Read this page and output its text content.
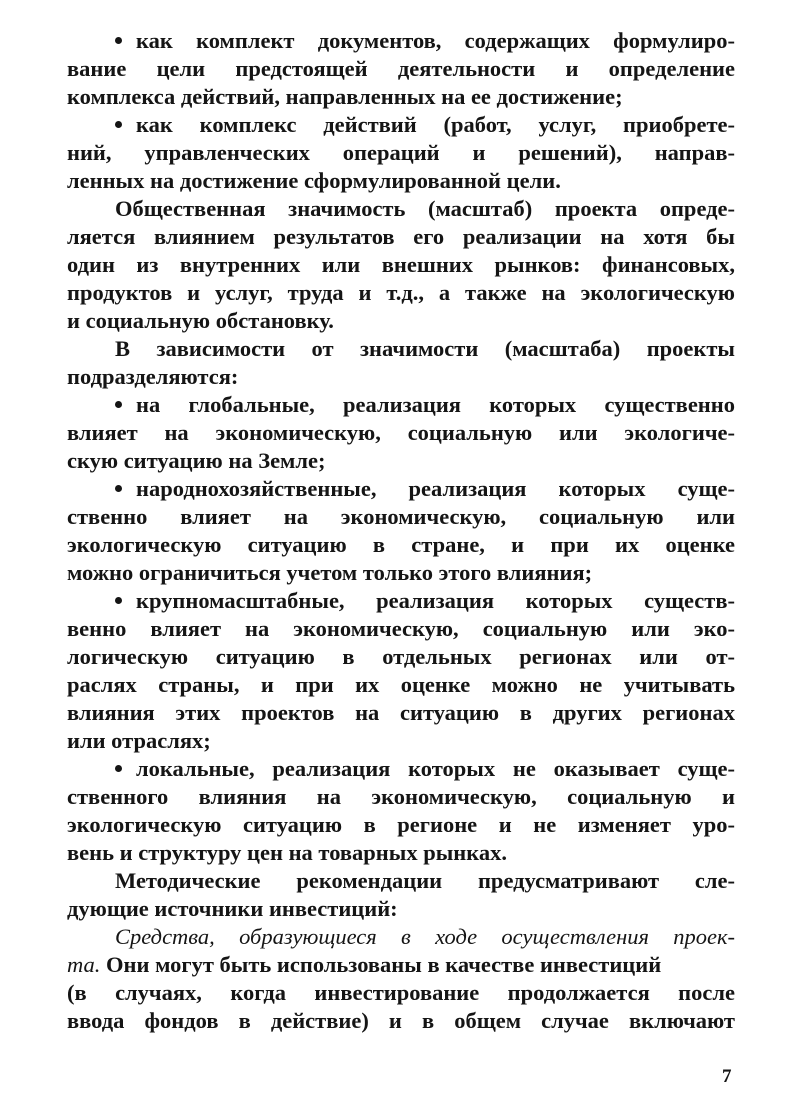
как комплект документов, содержащих формулиро-
вание цели предстоящей деятельности и определение
комплекса действий, направленных на ее достижение;
как комплекс действий (работ, услуг, приобрете-
ний, управленческих операций и решений), направ-
ленных на достижение сформулированной цели.
Общественная значимость (масштаб) проекта опреде-
ляется влиянием результатов его реализации на хотя бы
один из внутренних или внешних рынков: финансовых,
продуктов и услуг, труда и т.д., а также на экологическую
и социальную обстановку.
В зависимости от значимости (масштаба) проекты
подразделяются:
на глобальные, реализация которых существенно
влияет на экономическую, социальную или экологиче-
скую ситуацию на Земле;
народнохозяйственные, реализация которых суще-
ственно влияет на экономическую, социальную или
экологическую ситуацию в стране, и при их оценке
можно ограничиться учетом только этого влияния;
крупномасштабные, реализация которых существ-
венно влияет на экономическую, социальную или эко-
логическую ситуацию в отдельных регионах или от-
раслях страны, и при их оценке можно не учитывать
влияния этих проектов на ситуацию в других регионах
или отраслях;
локальные, реализация которых не оказывает суще-
ственного влияния на экономическую, социальную и
экологическую ситуацию в регионе и не изменяет уро-
вень и структуру цен на товарных рынках.
Методические рекомендации предусматривают сле-
дующие источники инвестиций:
Средства, образующиеся в ходе осуществления проек-
та. Они могут быть использованы в качестве инвестиций
(в случаях, когда инвестирование продолжается после
ввода фондов в действие) и в общем случае включают
7
